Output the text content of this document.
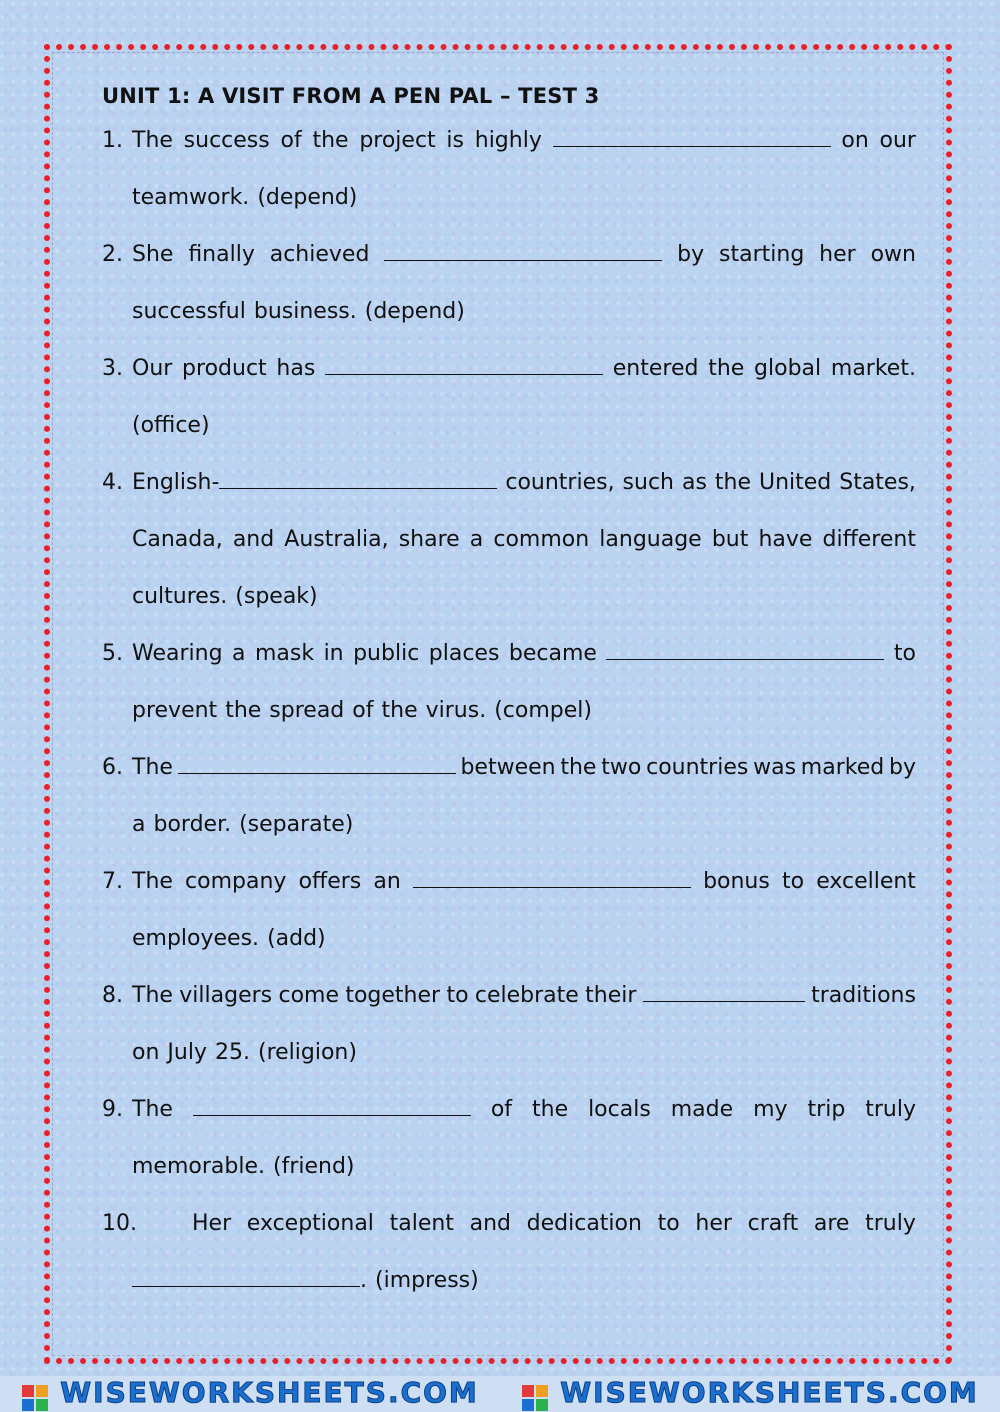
UNIT 1: A VISIT FROM A PEN PAL – TEST 3
1. The success of the project is highly	on our
teamwork. (depend)
2. She finally achieved	by starting her own
successful business. (depend)
3. Our product has	entered the global market.
(office)
4. English-	countries, such as the United States,
Canada, and Australia, share a common language but have different
cultures. (speak)
5. Wearing a mask in public places became	to
prevent the spread of the virus. (compel)
6. The	between the two countries was marked by
a border. (separate)
7. The company offers an	bonus to excellent
employees. (add)
8. The villagers come together to celebrate their	traditions
on July 25. (religion)
9. The	of the locals made my trip truly
memorable. (friend)
10.	Her exceptional talent and dedication to her craft are truly
. (impress)
WISEWORKSHEETS.COM	WISEWORKSHEETS.COM
